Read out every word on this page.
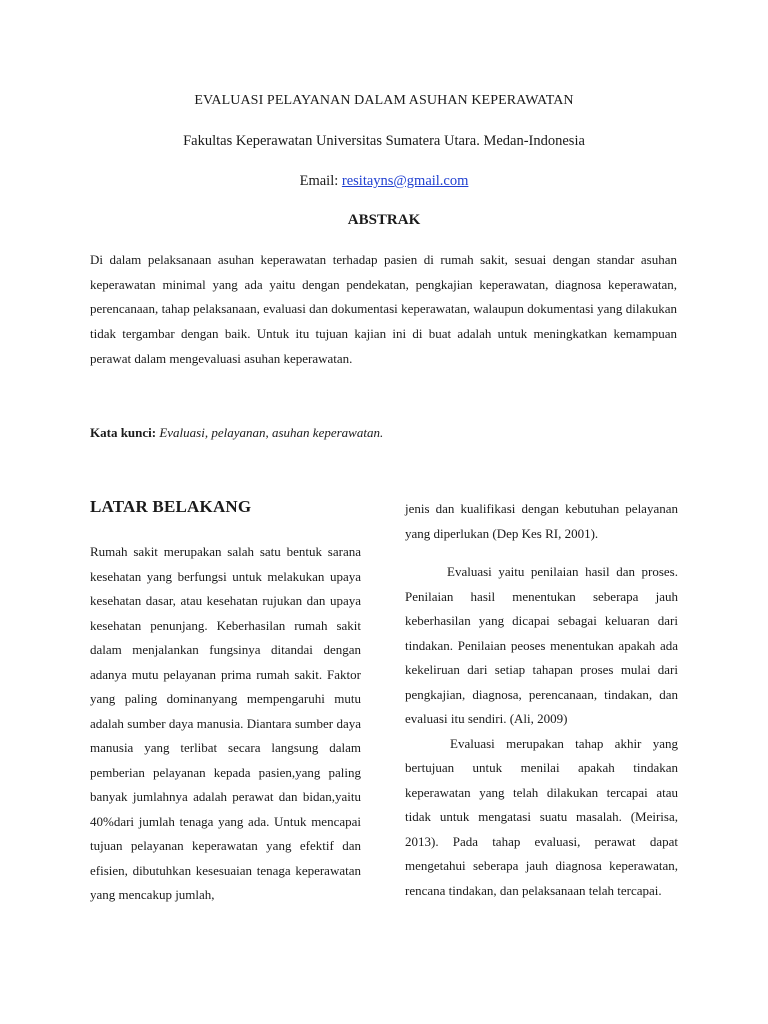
EVALUASI PELAYANAN DALAM ASUHAN KEPERAWATAN

Fakultas Keperawatan Universitas Sumatera Utara. Medan-Indonesia

Email: resitayns@gmail.com

ABSTRAK

Di dalam pelaksanaan asuhan keperawatan terhadap pasien di rumah sakit, sesuai dengan standar asuhan keperawatan minimal yang ada yaitu dengan pendekatan, pengkajian keperawatan, diagnosa keperawatan, perencanaan, tahap pelaksanaan, evaluasi dan dokumentasi keperawatan, walaupun dokumentasi yang dilakukan tidak tergambar dengan baik. Untuk itu tujuan kajian ini di buat adalah untuk meningkatkan kemampuan perawat dalam mengevaluasi asuhan keperawatan.

Kata kunci: Evaluasi, pelayanan, asuhan keperawatan.

LATAR BELAKANG

Rumah sakit merupakan salah satu bentuk sarana kesehatan yang berfungsi untuk melakukan upaya kesehatan dasar, atau kesehatan rujukan dan upaya kesehatan penunjang. Keberhasilan rumah sakit dalam menjalankan fungsinya ditandai dengan adanya mutu pelayanan prima rumah sakit. Faktor yang paling dominanyang mempengaruhi mutu adalah sumber daya manusia. Diantara sumber daya manusia yang terlibat secara langsung dalam pemberian pelayanan kepada pasien,yang paling banyak jumlahnya adalah perawat dan bidan,yaitu 40%dari jumlah tenaga yang ada. Untuk mencapai tujuan pelayanan keperawatan yang efektif dan efisien, dibutuhkan kesesuaian tenaga keperawatan yang mencakup jumlah,

jenis dan kualifikasi dengan kebutuhan pelayanan yang diperlukan (Dep Kes RI, 2001).

Evaluasi yaitu penilaian hasil dan proses. Penilaian hasil menentukan seberapa jauh keberhasilan yang dicapai sebagai keluaran dari tindakan. Penilaian peoses menentukan apakah ada kekeliruan dari setiap tahapan proses mulai dari pengkajian, diagnosa, perencanaan, tindakan, dan evaluasi itu sendiri. (Ali, 2009)

Evaluasi merupakan tahap akhir yang bertujuan untuk menilai apakah tindakan keperawatan yang telah dilakukan tercapai atau tidak untuk mengatasi suatu masalah. (Meirisa, 2013). Pada tahap evaluasi, perawat dapat mengetahui seberapa jauh diagnosa keperawatan, rencana tindakan, dan pelaksanaan telah tercapai.
